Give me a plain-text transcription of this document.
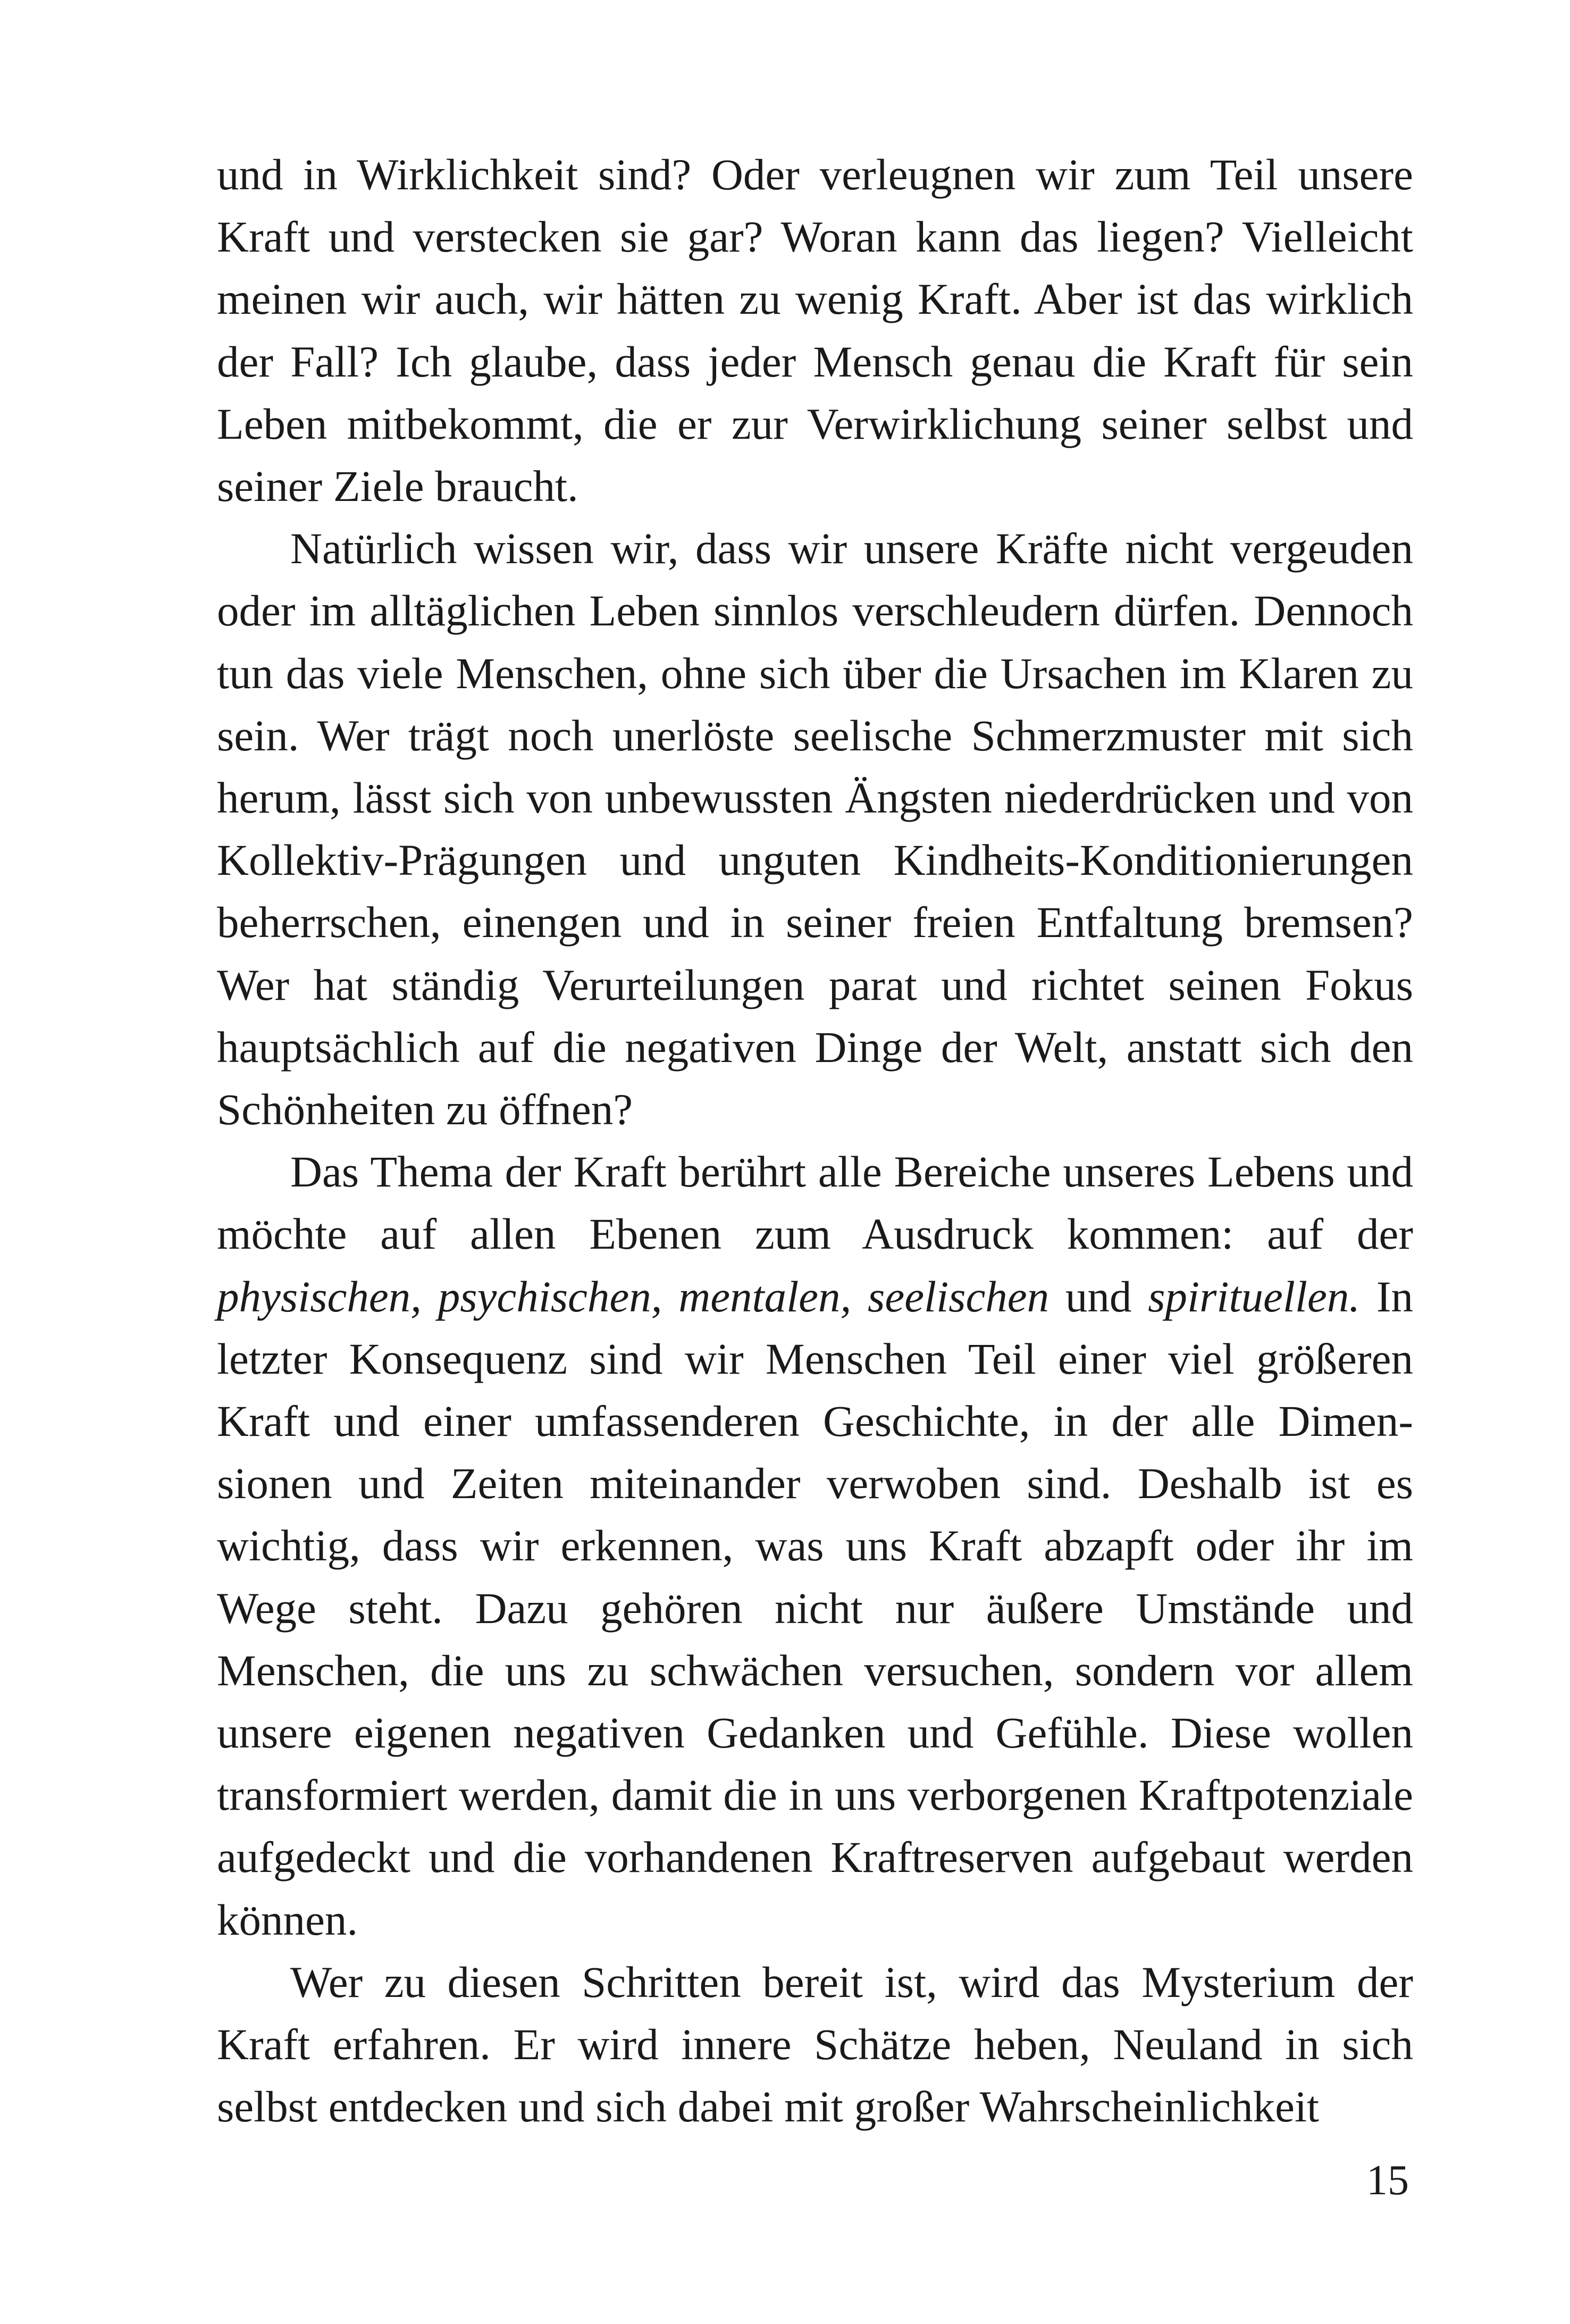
und in Wirklichkeit sind? Oder verleugnen wir zum Teil unsere Kraft und verstecken sie gar? Woran kann das liegen? Vielleicht meinen wir auch, wir hätten zu wenig Kraft. Aber ist das wirklich der Fall? Ich glaube, dass jeder Mensch genau die Kraft für sein Leben mitbekommt, die er zur Verwirklichung seiner selbst und seiner Ziele braucht.

Natürlich wissen wir, dass wir unsere Kräfte nicht vergeuden oder im alltäglichen Leben sinnlos verschleudern dürfen. Dennoch tun das viele Menschen, ohne sich über die Ursachen im Klaren zu sein. Wer trägt noch unerlöste seelische Schmerzmuster mit sich herum, lässt sich von unbewussten Ängsten niederdrücken und von Kollektiv-Prägungen und unguten Kindheits-Konditionierungen beherrschen, einengen und in seiner freien Entfaltung bremsen? Wer hat ständig Verurteilungen parat und richtet seinen Fokus hauptsächlich auf die negativen Dinge der Welt, anstatt sich den Schönheiten zu öffnen?

Das Thema der Kraft berührt alle Bereiche unseres Lebens und möchte auf allen Ebenen zum Ausdruck kommen: auf der physischen, psychischen, mentalen, seelischen und spirituellen. In letzter Konsequenz sind wir Menschen Teil einer viel größeren Kraft und einer umfassenderen Geschichte, in der alle Dimensionen und Zeiten miteinander verwoben sind. Deshalb ist es wichtig, dass wir erkennen, was uns Kraft abzapft oder ihr im Wege steht. Dazu gehören nicht nur äußere Umstände und Menschen, die uns zu schwächen versuchen, sondern vor allem unsere eigenen negativen Gedanken und Gefühle. Diese wollen transformiert werden, damit die in uns verborgenen Kraftpotenziale aufgedeckt und die vorhandenen Kraftreserven aufgebaut werden können.

Wer zu diesen Schritten bereit ist, wird das Mysterium der Kraft erfahren. Er wird innere Schätze heben, Neuland in sich selbst entdecken und sich dabei mit großer Wahrscheinlichkeit

15
